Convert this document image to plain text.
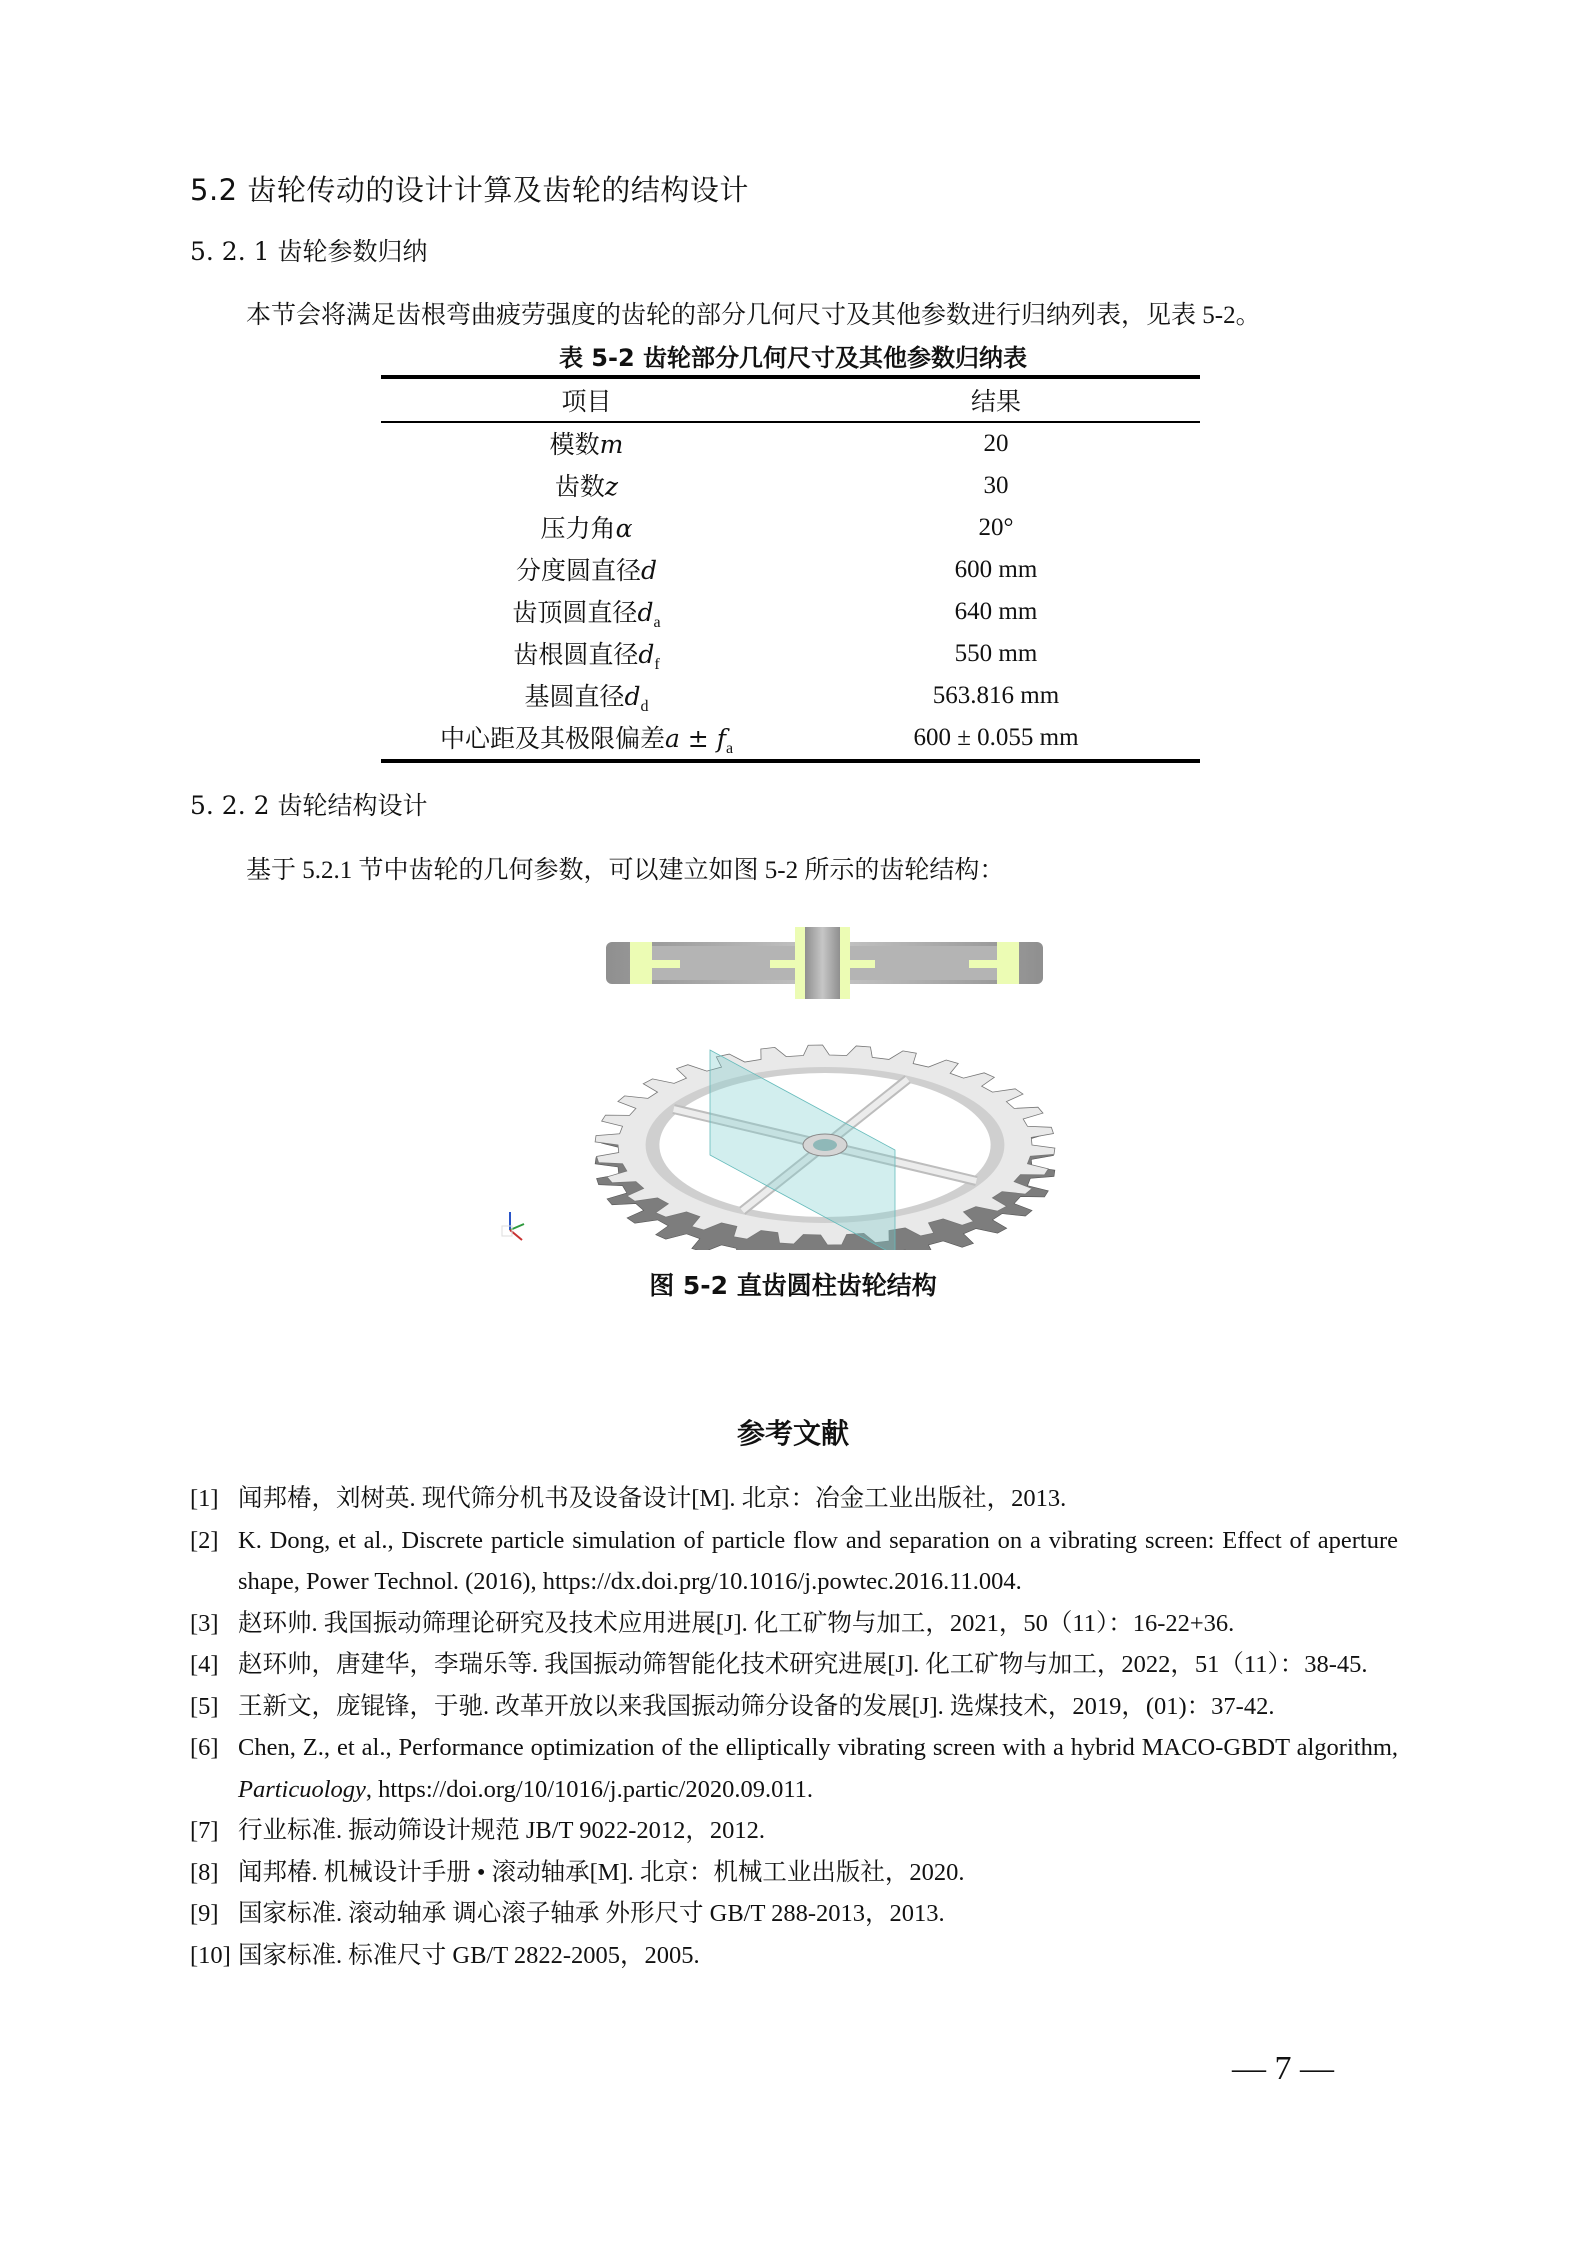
5.2 齿轮传动的设计计算及齿轮的结构设计
5. 2. 1 齿轮参数归纳
本节会将满足齿根弯曲疲劳强度的齿轮的部分几何尺寸及其他参数进行归纳列表，见表 5-2。
表 5-2 齿轮部分几何尺寸及其他参数归纳表
项目	结果
模数m	20
齿数z	30
压力角α	20°
分度圆直径d	600 mm
齿顶圆直径$d_a$	640 mm
齿根圆直径$d_f$	550 mm
基圆直径$d_d$	563.816 mm
中心距及其极限偏差$a \pm f_a$	600 ± 0.055 mm
5. 2. 2 齿轮结构设计
基于 5.2.1 节中齿轮的几何参数，可以建立如图 5-2 所示的齿轮结构：
图 5-2 直齿圆柱齿轮结构
参考文献
[1] 闻邦椿，刘树英. 现代筛分机书及设备设计[M]. 北京：冶金工业出版社，2013.
[2] K. Dong, et al., Discrete particle simulation of particle flow and separation on a vibrating screen: Effect of aperture shape, Power Technol. (2016), https://dx.doi.prg/10.1016/j.powtec.2016.11.004.
[3] 赵环帅. 我国振动筛理论研究及技术应用进展[J]. 化工矿物与加工，2021，50（11）：16-22+36.
[4] 赵环帅，唐建华，李瑞乐等. 我国振动筛智能化技术研究进展[J]. 化工矿物与加工，2022，51（11）：38-45.
[5] 王新文，庞锟锋，于驰. 改革开放以来我国振动筛分设备的发展[J]. 选煤技术，2019，(01)：37-42.
[6] Chen, Z., et al., Performance optimization of the elliptically vibrating screen with a hybrid MACO-GBDT algorithm, Particuology, https://doi.org/10/1016/j.partic/2020.09.011.
[7] 行业标准. 振动筛设计规范 JB/T 9022-2012，2012.
[8] 闻邦椿. 机械设计手册 • 滚动轴承[M]. 北京：机械工业出版社，2020.
[9] 国家标准. 滚动轴承 调心滚子轴承 外形尺寸 GB/T 288-2013，2013.
[10] 国家标准. 标准尺寸 GB/T 2822-2005，2005.
— 7 —
